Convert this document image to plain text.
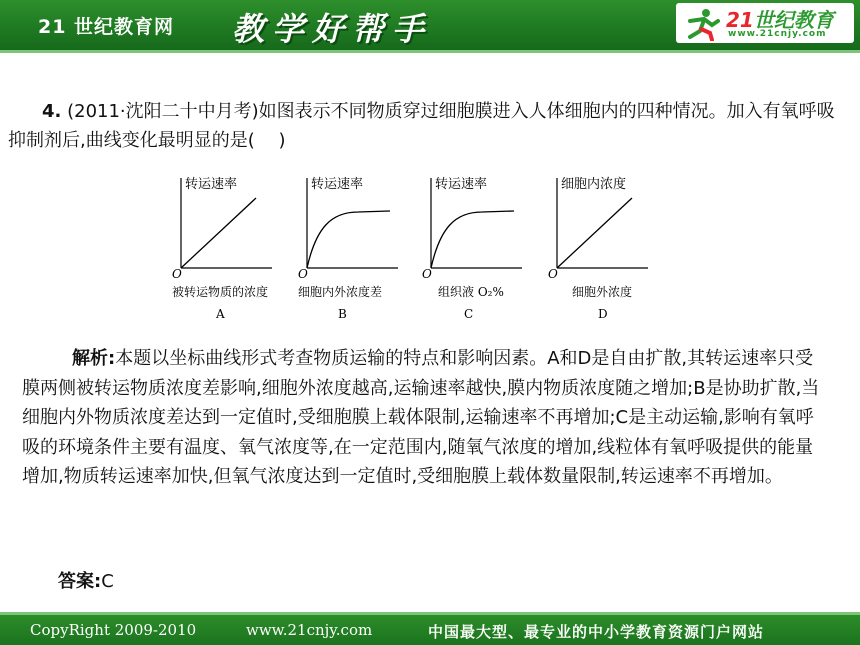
21 世纪教育网 教学好帮手	21世纪教育
www.21cnjy.com
4. (2011·沈阳二十中月考)如图表示不同物质穿过细胞膜进入人体细胞内的四种情况。加入有氧呼吸抑制剂后,曲线变化最明显的是(　 )
转运速率
O
被转运物质的浓度
A
转运速率
O
细胞内外浓度差
B
转运速率
O
组织液 O₂%
C
细胞内浓度
O
细胞外浓度
D
解析:本题以坐标曲线形式考查物质运输的特点和影响因素。A和D是自由扩散,其转运速率只受膜两侧被转运物质浓度差影响,细胞外浓度越高,运输速率越快,膜内物质浓度随之增加;B是协助扩散,当细胞内外物质浓度差达到一定值时,受细胞膜上载体限制,运输速率不再增加;C是主动运输,影响有氧呼吸的环境条件主要有温度、氧气浓度等,在一定范围内,随氧气浓度的增加,线粒体有氧呼吸提供的能量增加,物质转运速率加快,但氧气浓度达到一定值时,受细胞膜上载体数量限制,转运速率不再增加。
答案:C
CopyRight 2009-2010	www.21cnjy.com	中国最大型、最专业的中小学教育资源门户网站
